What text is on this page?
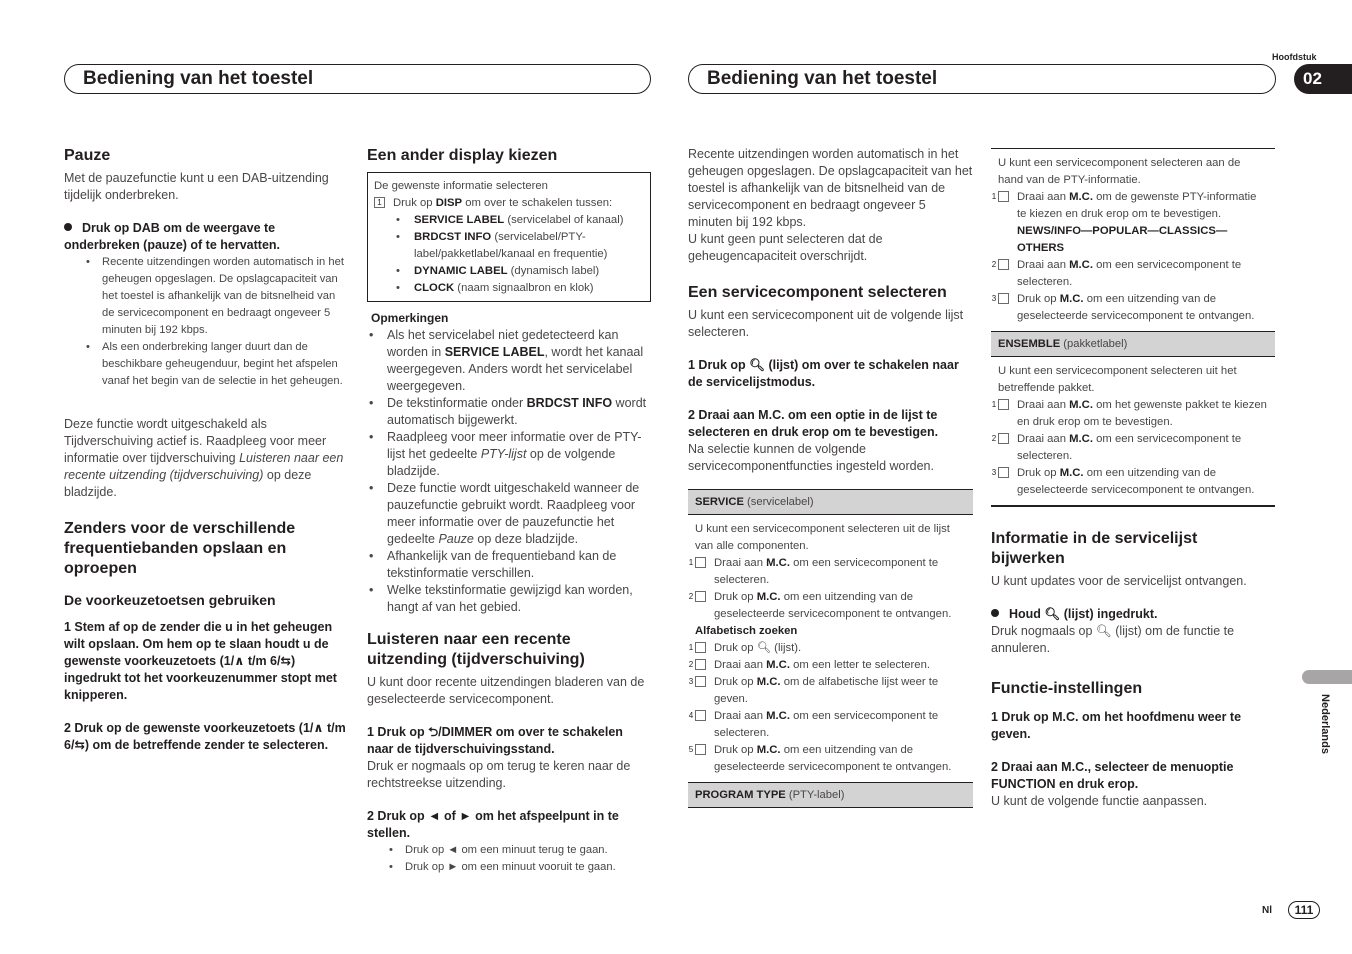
Bediening van het toestel	Bediening van het toestel
Hoofdstuk
02
Nederlands
Nl	111
Pauze

Met de pauzefunctie kunt u een DAB-uitzending tijdelijk onderbreken.

Druk op DAB om de weergave te onderbreken (pauze) of te hervatten.

• Recente uitzendingen worden automatisch in het geheugen opgeslagen. De opslagcapaciteit van het toestel is afhankelijk van de bitsnelheid van de servicecomponent en bedraagt ongeveer 5 minuten bij 192 kbps.
• Als een onderbreking langer duurt dan de beschikbare geheugenduur, begint het afspelen vanaf het begin van de selectie in het geheugen.

Deze functie wordt uitgeschakeld als Tijdverschuiving actief is. Raadpleeg voor meer informatie over tijdverschuiving Luisteren naar een recente uitzending (tijdverschuiving) op deze bladzijde.

Zenders voor de verschillende frequentiebanden opslaan en oproepen
De voorkeuzetoetsen gebruiken

1 Stem af op de zender die u in het geheugen wilt opslaan. Om hem op te slaan houdt u de gewenste voorkeuzetoets (1/∧ t/m 6/⇆) ingedrukt tot het voorkeuzenummer stopt met knipperen.

2 Druk op de gewenste voorkeuzetoets (1/∧ t/m 6/⇆) om de betreffende zender te selecteren.

Een ander display kiezen
De gewenste informatie selecteren
1 Druk op DISP om over te schakelen tussen:
• SERVICE LABEL (servicelabel of kanaal)
• BRDCST INFO (servicelabel/PTY-label/pakketlabel/kanaal en frequentie)
• DYNAMIC LABEL (dynamisch label)
• CLOCK (naam signaalbron en klok)

Opmerkingen

• Als het servicelabel niet gedetecteerd kan worden in SERVICE LABEL, wordt het kanaal weergegeven. Anders wordt het servicelabel weergegeven.
• De tekstinformatie onder BRDCST INFO wordt automatisch bijgewerkt.
• Raadpleeg voor meer informatie over de PTY-lijst het gedeelte PTY-lijst op de volgende bladzijde.
• Deze functie wordt uitgeschakeld wanneer de pauzefunctie gebruikt wordt. Raadpleeg voor meer informatie over de pauzefunctie het gedeelte Pauze op deze bladzijde.
• Afhankelijk van de frequentieband kan de tekstinformatie verschillen.
• Welke tekstinformatie gewijzigd kan worden, hangt af van het gebied.
Luisteren naar een recente uitzending (tijdverschuiving)

U kunt door recente uitzendingen bladeren van de geselecteerde servicecomponent.

1 Druk op ⮌/DIMMER om over te schakelen naar de tijdverschuivingsstand.

Druk er nogmaals op om terug te keren naar de rechtstreekse uitzending.

2 Druk op ◄ of ► om het afspeelpunt in te stellen.

• Druk op ◄ om een minuut terug te gaan.
• Druk op ► om een minuut vooruit te gaan.

Recente uitzendingen worden automatisch in het geheugen opgeslagen. De opslagcapaciteit van het toestel is afhankelijk van de bitsnelheid van de servicecomponent en bedraagt ongeveer 5 minuten bij 192 kbps.

U kunt geen punt selecteren dat de geheugencapaciteit overschrijdt.

Een servicecomponent selecteren

U kunt een servicecomponent uit de volgende lijst selecteren.

1 Druk op 🔍︎ (lijst) om over te schakelen naar de servicelijstmodus.

2 Draai aan M.C. om een optie in de lijst te selecteren en druk erop om te bevestigen.

Na selectie kunnen de volgende servicecomponentfuncties ingesteld worden.

SERVICE (servicelabel)
U kunt een servicecomponent selecteren uit de lijst van alle componenten.
1 Draai aan M.C. om een servicecomponent te selecteren.
2 Druk op M.C. om een uitzending van de geselecteerde servicecomponent te ontvangen.
Alfabetisch zoeken
1 Druk op 🔍︎ (lijst).
2 Draai aan M.C. om een letter te selecteren.
3 Druk op M.C. om de alfabetische lijst weer te geven.
4 Draai aan M.C. om een servicecomponent te selecteren.
5 Druk op M.C. om een uitzending van de geselecteerde servicecomponent te ontvangen.
PROGRAM TYPE (PTY-label)
U kunt een servicecomponent selecteren aan de hand van de PTY-informatie.
1 Draai aan M.C. om de gewenste PTY-informatie te kiezen en druk erop om te bevestigen.
NEWS/INFO—POPULAR—CLASSICS—OTHERS
2 Draai aan M.C. om een servicecomponent te selecteren.
3 Druk op M.C. om een uitzending van de geselecteerde servicecomponent te ontvangen.
ENSEMBLE (pakketlabel)
U kunt een servicecomponent selecteren uit het betreffende pakket.
1 Draai aan M.C. om het gewenste pakket te kiezen en druk erop om te bevestigen.
2 Draai aan M.C. om een servicecomponent te selecteren.
3 Druk op M.C. om een uitzending van de geselecteerde servicecomponent te ontvangen.
Informatie in de servicelijst bijwerken

U kunt updates voor de servicelijst ontvangen.

Houd 🔍︎ (lijst) ingedrukt.

Druk nogmaals op 🔍︎ (lijst) om de functie te annuleren.

Functie-instellingen

1 Druk op M.C. om het hoofdmenu weer te geven.

2 Draai aan M.C., selecteer de menuoptie FUNCTION en druk erop.

U kunt de volgende functie aanpassen.
